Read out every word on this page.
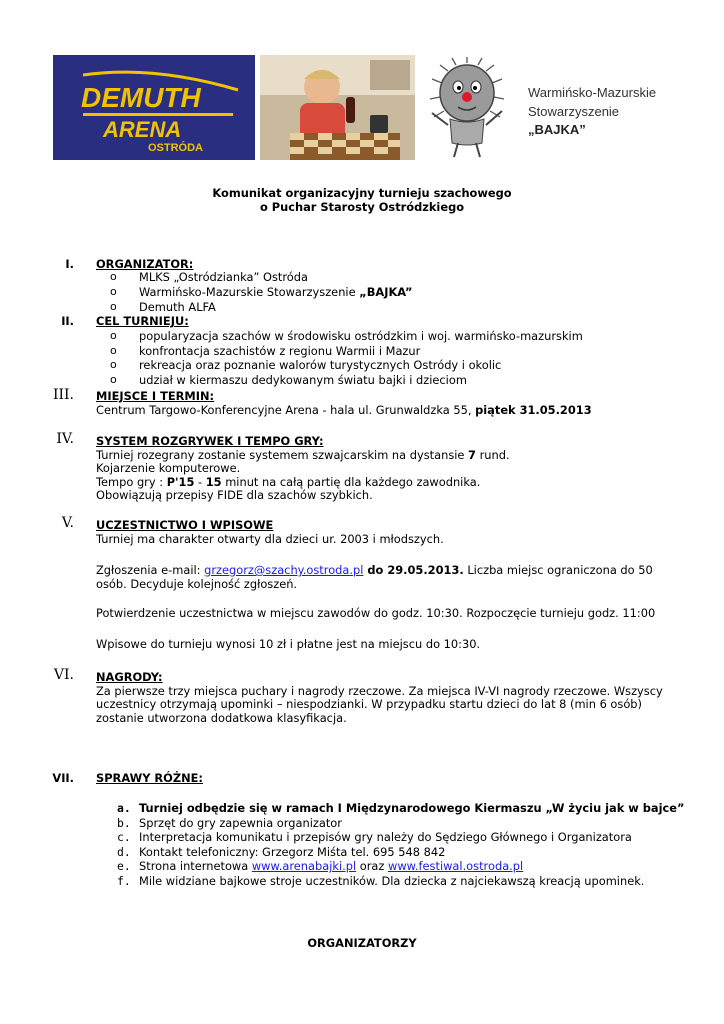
DEMUTH
ARENA
OSTRÓDA
Warmińsko-Mazurskie
Stowarzyszenie
„BAJKA”
Komunikat organizacyjny turnieju szachowego
o Puchar Starosty Ostródzkiego
I. ORGANIZATOR:
o MLKS „Ostródzianka” Ostróda
o Warmińsko-Mazurskie Stowarzyszenie „BAJKA”
o Demuth ALFA
II. CEL TURNIEJU:
o popularyzacja szachów w środowisku ostródzkim i woj. warmińsko-mazurskim
o konfrontacja szachistów z regionu Warmii i Mazur
o rekreacja oraz poznanie walorów turystycznych Ostródy i okolic
o udział w kiermaszu dedykowanym światu bajki i dzieciom
III. MIEJSCE I TERMIN:
Centrum Targowo-Konferencyjne Arena - hala ul. Grunwaldzka 55, piątek 31.05.2013
IV. SYSTEM ROZGRYWEK I TEMPO GRY:
Turniej rozegrany zostanie systemem szwajcarskim na dystansie 7 rund.
Kojarzenie komputerowe.
Tempo gry : P'15 - 15 minut na całą partię dla każdego zawodnika.
Obowiązują przepisy FIDE dla szachów szybkich.
V. UCZESTNICTWO I WPISOWE
Turniej ma charakter otwarty dla dzieci ur. 2003 i młodszych.
Zgłoszenia e-mail: grzegorz@szachy.ostroda.pl do 29.05.2013. Liczba miejsc ograniczona do 50
osób. Decyduje kolejność zgłoszeń.
Potwierdzenie uczestnictwa w miejscu zawodów do godz. 10:30. Rozpoczęcie turnieju godz. 11:00
Wpisowe do turnieju wynosi 10 zł i płatne jest na miejscu do 10:30.
VI. NAGRODY:
Za pierwsze trzy miejsca puchary i nagrody rzeczowe. Za miejsca IV-VI nagrody rzeczowe. Wszyscy
uczestnicy otrzymają upominki – niespodzianki. W przypadku startu dzieci do lat 8 (min 6 osób)
zostanie utworzona dodatkowa klasyfikacja.
VII. SPRAWY RÓŻNE:
a. Turniej odbędzie się w ramach I Międzynarodowego Kiermaszu „W życiu jak w bajce”
b. Sprzęt do gry zapewnia organizator
c. Interpretacja komunikatu i przepisów gry należy do Sędziego Głównego i Organizatora
d. Kontakt telefoniczny: Grzegorz Miśta tel. 695 548 842
e. Strona internetowa www.arenabajki.pl oraz www.festiwal.ostroda.pl
f. Mile widziane bajkowe stroje uczestników. Dla dziecka z najciekawszą kreacją upominek.
ORGANIZATORZY
